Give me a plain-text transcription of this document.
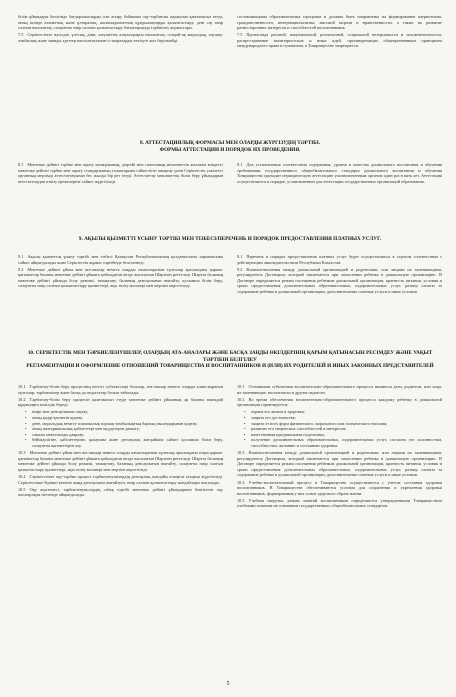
білім ұйымдары бөлігінде бағдарламаларды іске асыру бойынша оқу-тәрбиелік жұмысын қамтамасыз етеді, оның ішінде азаматтық және ұлтаралық, жалпыадамзаттық құндылықтарды қалыптастыру, дені сау өмір салтын насихаттау, салауатты өмір салтын қалыптастыру бағыттарында тәрбиелеу жұмыстары.

7.5 Серіктестікте нәсілдік, ұлттық, діни, әлеуметтік алауыздықты насихаттау, сондай-ақ жауыздық, зорлық-зомбылық және зиянды әдеттер насихатталатын іс-шараларды өткізуге жол берілмейді.

составляющими образовательных программ и должны быть направлены на формирование патриотизма, гражданственности, интернационализма, высокой морали и нравственности, а также на развитие разносторонних интересов и способностей воспитанников.

7.5 Пропаганда расовой, национальной, религиозной, социальной нетерпимости и исключительности, распространение милитаристских и иных идей, противоречащих общепризнанным принципам международного права и гуманизма, в Товариществе запрещается.

8. АТТЕСТАЦИЯЛЫҚ ФОРМАСЫ МЕН ОЛАРДЫ ЖҮРГІЗУДІҢ ТӘРТІБІ.
ФОРМЫ АТТЕСТАЦИИ И ПОРЯДОК ИХ ПРОВЕДЕНИЯ.

8.1 Мектепке дейінгі тәрбие мен оқыту мазмұнының, деңгейі мен сапасының мемлекеттік жалпыға міндетті мектепке дейінгі тәрбие мен оқыту стандартының талаптарына сәйкестігін анықтау үшін Серіктестік уәкілетті органның мерзімді аттестаттауынан бес жылда бір рет өтеді. Аттестаттау мемлекеттік білім беру ұйымдарын аттестаттаудан өткізу ережелеріне сәйкес жүргізіледі.

8.1 Для установления соответствия содержания, уровня и качества дошкольного воспитания и обучения требованиям государственного общеобязательного стандарта дошкольного воспитания и обучения Товарищество проходит периодическую аттестацию уполномоченным органом один раз в пять лет. Аттестация осуществляется в порядке, установленном для аттестации государственных организаций образования.

9. АҚЫЛЫ ҚЫЗМЕТТІ ҰСЫНУ ТӘРТІБІ МЕН ТІЗБЕСІ/ПЕРЕЧЕНЬ И ПОРЯДОК ПРЕДОСТАВЛЕНИЯ ПЛАТНЫХ УСЛУГ.

9.1 Ақылы қызметтің ұсыну тәртібі мен тізбесі Қазақстан Республикасының қолданыстағы заңнамасына сәйкес айқындалады және Серіктестік жұмыс тәртібінде белгіленеді.

9.2 Мектепке дейінгі ұйым мен ата-аналар немесе оларды алмастыратын тұлғалар арасындағы қарым-қатынастар баланы мектепке дейінгі ұйымға қабылдаған кезде жасалатын Шартпен реттеледі. Шартта баланың мектепке дейінгі ұйымда болу режимі, тамақтану, баланың денсаулығын нығайту, қосымша білім беру, салауатты өмір салтын қалыптастыру қызметтері, ақы төлеу мөлшері мен мерзімі көрсетіледі.

9.1 Перечень и порядок предоставления платных услуг будет осуществляться в строгом соответствии с действующим законодательством Республики Казахстан.

9.2 Взаимоотношения между дошкольной организацией и родителями, или лицами их заменяющими, регулируются Договором, который заключается при зачислении ребенка в дошкольную организацию. В Договоре определяется режим посещения ребенком дошкольной организации, кратность питания, условия и сроки предоставления дополнительных образовательных, оздоровительных услуг, размер оплаты за содержание ребенка в дошкольной организации, дополнительные платные услуги и иные условия.

10. СЕРІКТЕСТІК МЕН ТӘРБИЕЛЕНУШІЛЕР, ОЛАРДЫҢ АТА-АНАЛАРЫ ЖӘНЕ БАСҚА ЗАҢДЫ ӨКІЛДЕРІНІҢ ҚАРЫМ ҚАТЫНАСЫН РЕСІМДЕУ ЖӘНЕ УАҚЫТ ТӘРТІБІН БЕЛГІЛЕУ
РЕГЛАМЕНТАЦИЯ И ОФОРМЛЕНИЕ ОТНОШЕНИЙ ТОВАРИЩЕСТВА И ВОСПИТАННИКОВ И (ИЛИ) ИХ РОДИТЕЛЕЙ И ИНЫХ ЗАКОННЫХ ПРЕДСТАВИТЕЛЕЙ

10.1 Тәрбиелеу-білім беру процесінің негізгі субъектілері балалар, ата-аналар немесе оларды алмастыратын тұлғалар, тәрбиешілер және басқа да педагогтар болып табылады.

10.2 Тәрбиелеу-білім беру процесін қамтамасыз етуде мектепке дейінгі ұйымның әр баланы мынадай құқықтарға кепілдік береді:

• өмірі мен денсаулығын сақтау;
• оның қадір-қасиетін қорғау;
• дене, моральдық немесе психикалық зорлық-зомбылықтың барлық нысандарынан қорғау;
• оның шығармашылық қабілеттері мен мүдделерін дамыту;
• сапалы мектепалды даярлау;
• бейімділігіне, қабілеттеріне, қалауына және денсаулық жағдайына сәйкес қосымша білім беру, салауатты қызметтерін алу.

10.3 Мектепке дейінгі ұйым мен ата-аналар немесе оларды алмастыратын тұлғалар арасындағы өзара қарым-қатынастар баланы мектепке дейінгі ұйымға қабылдаған кезде жасалатын Шартпен реттеледі. Шартта баланың мектепке дейінгі ұйымда болу режимі, тамақтану, баланың денсаулығын нығайту, салауатты өмір салтын қалыптастыру қызметтері, ақы төлеу мөлшері мен мерзімі көрсетіледі.

10.4 Серіктестікте оқу-тәрбие процесі тәрбиеленушілердің денсаулық жағдайы ескеріле отырып жүргізіледі. Серіктестікке бірінші кезекте жаңа денсаулығы нығайтуға, өмір салтын қалыптастыру жағдайлары жасалады.

10.5 Оқу жүктемесі, тәрбиеленушілердің сабақ тәртібі мектепке дейінгі ұйымдармен бекітілген оқу жоспарлары негізінде айқындалады.

10.1 Основными субъектами воспитательно-образовательного процесса являются дети, родители, или лица, их заменяющие, воспитатели и другие педагоги.

10.2 Во время обеспечения воспитательно-образовательного процесса каждому ребенку в дошкольной организации гарантируется:

• охрана его жизни и здоровья;
• защита его достоинства;
• защита от всех форм физического, морального или психического насилия;
• развитие его творческих способностей и интересов;
• качественная предшкольная подготовка;
• получение дополнительных образовательных, оздоровительных услуг, согласно его склонностям, способностям, желанию и состоянию здоровья.

10.3 Взаимоотношения между дошкольной организацией и родителями, или лицами их заменяющими, регулируются Договором, который заключается при зачислении ребенка в дошкольную организацию. В Договоре определяется режим посещения ребенком дошкольной организации, кратность питания, условия и сроки предоставления дополнительных образовательных, оздоровительных услуг, размер оплаты за содержание ребенка в дошкольной организации, дополнительные платные услуги и иные условия.

10.4 Учебно-воспитательный процесс в Товариществе осуществляется с учетом состояния здоровья воспитанников. В Товариществе обеспечиваются условия для сохранения и укрепления здоровья воспитанников, формирования у них основ здорового образа жизни.

10.5 Учебная нагрузка, режим занятий воспитанников определяются утвержденными Товариществом учебными планами на основании государственных общеобязательных стандартов.

5
